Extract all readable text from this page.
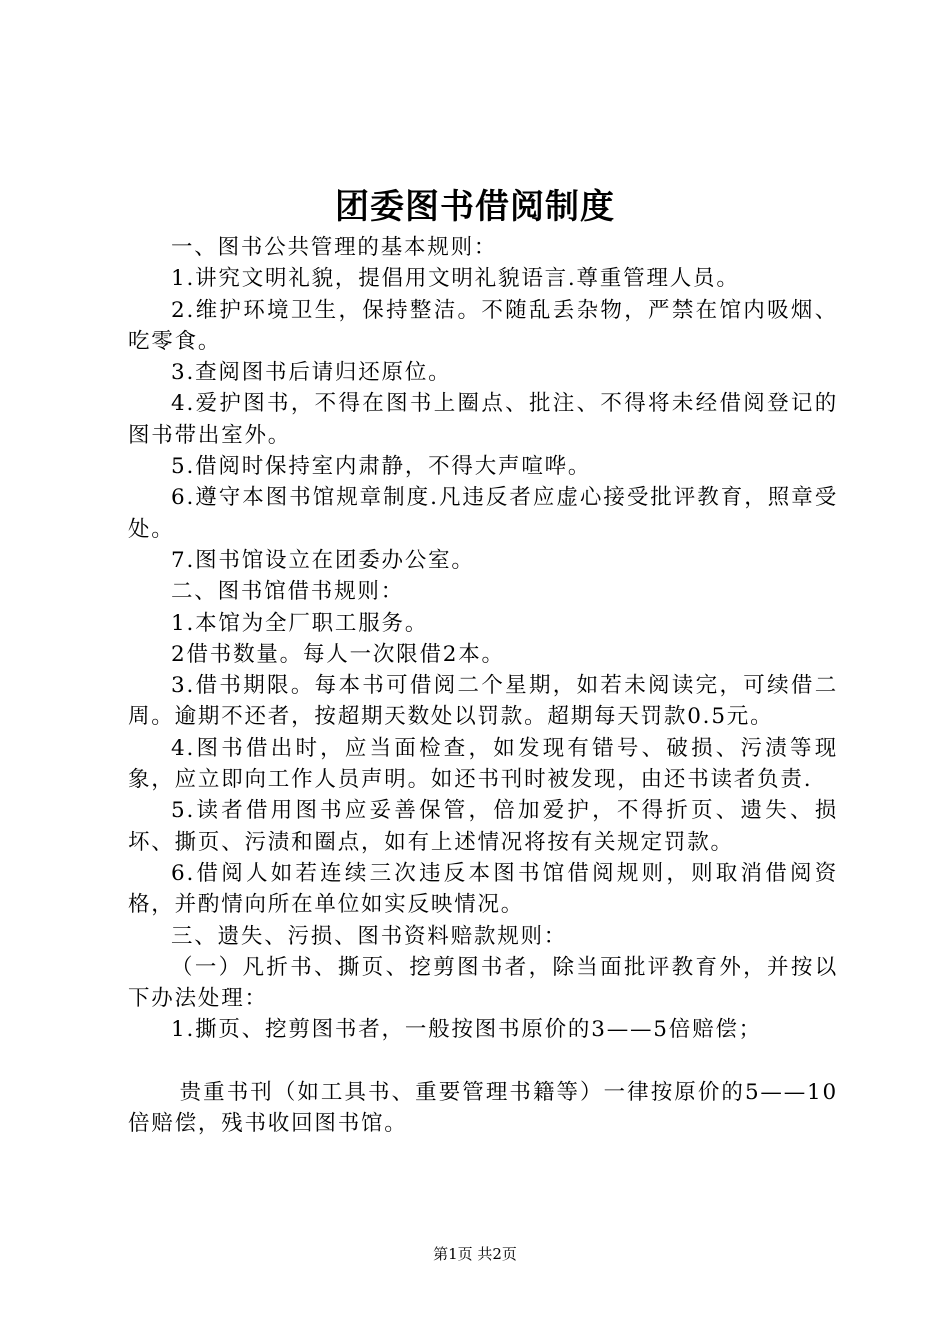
团委图书借阅制度

一、图书公共管理的基本规则：

1.讲究文明礼貌，提倡用文明礼貌语言.尊重管理人员。

2.维护环境卫生，保持整洁。不随乱丢杂物，严禁在馆内吸烟、吃零食。

3.查阅图书后请归还原位。

4.爱护图书，不得在图书上圈点、批注、不得将未经借阅登记的图书带出室外。

5.借阅时保持室内肃静，不得大声喧哗。

6.遵守本图书馆规章制度.凡违反者应虚心接受批评教育，照章受处。

7.图书馆设立在团委办公室。

二、图书馆借书规则：

1.本馆为全厂职工服务。

2借书数量。每人一次限借2本。

3.借书期限。每本书可借阅二个星期，如若未阅读完，可续借二周。逾期不还者，按超期天数处以罚款。超期每天罚款0.5元。

4.图书借出时，应当面检查，如发现有错号、破损、污渍等现象，应立即向工作人员声明。如还书刊时被发现，由还书读者负责.

5.读者借用图书应妥善保管，倍加爱护，不得折页、遗失、损坏、撕页、污渍和圈点，如有上述情况将按有关规定罚款。

6.借阅人如若连续三次违反本图书馆借阅规则，则取消借阅资格，并酌情向所在单位如实反映情况。

三、遗失、污损、图书资料赔款规则：

（一）凡折书、撕页、挖剪图书者，除当面批评教育外，并按以下办法处理：

1.撕页、挖剪图书者，一般按图书原价的3——5倍赔偿；

贵重书刊（如工具书、重要管理书籍等）一律按原价的5——10倍赔偿，残书收回图书馆。

第1页 共2页
